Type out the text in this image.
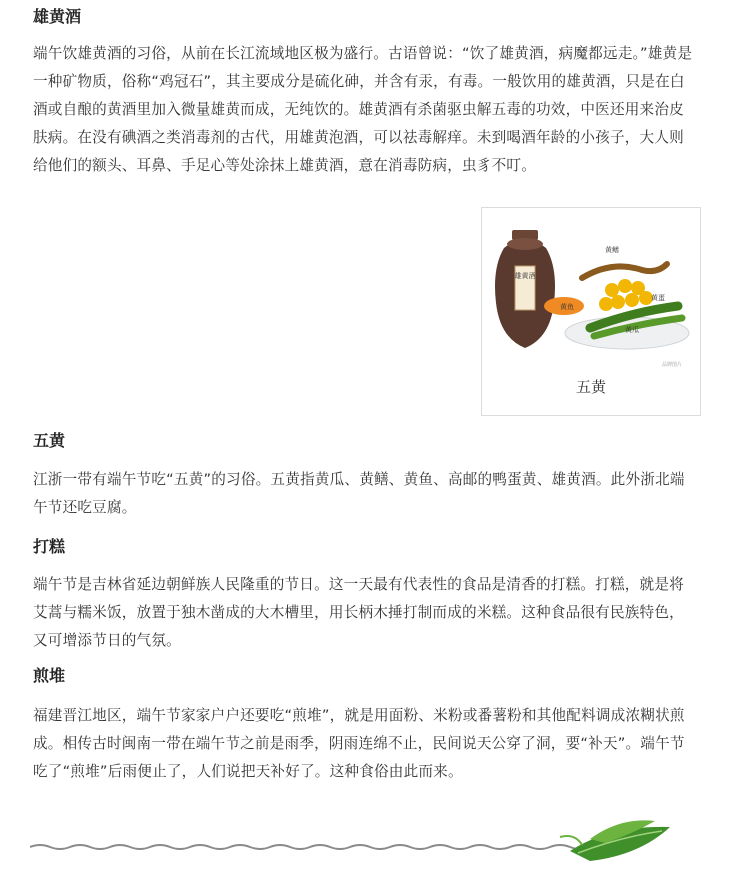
雄黄酒

端午饮雄黄酒的习俗，从前在长江流域地区极为盛行。古语曾说：“饮了雄黄酒，病魔都远走。”雄黄是一种矿物质，俗称“鸡冠石”，其主要成分是硫化砷，并含有汞，有毒。一般饮用的雄黄酒，只是在白酒或自酿的黄酒里加入微量雄黄而成，无纯饮的。雄黄酒有杀菌驱虫解五毒的功效，中医还用来治皮肤病。在没有碘酒之类消毒剂的古代，用雄黄泡酒，可以祛毒解痒。未到喝酒年龄的小孩子，大人则给他们的额头、耳鼻、手足心等处涂抹上雄黄酒，意在消毒防病，虫豸不叮。

雄黄酒
黄鱼
黄鳝
黄蛋
黄瓜
品牌图片
五黄
五黄

江浙一带有端午节吃“五黄”的习俗。五黄指黄瓜、黄鳝、黄鱼、高邮的鸭蛋黄、雄黄酒。此外浙北端午节还吃豆腐。

打糕

端午节是吉林省延边朝鲜族人民隆重的节日。这一天最有代表性的食品是清香的打糕。打糕，就是将艾蒿与糯米饭，放置于独木凿成的大木槽里，用长柄木捶打制而成的米糕。这种食品很有民族特色，又可增添节日的气氛。

煎堆

福建晋江地区，端午节家家户户还要吃“煎堆”，就是用面粉、米粉或番薯粉和其他配料调成浓糊状煎成。相传古时闽南一带在端午节之前是雨季，阴雨连绵不止，民间说天公穿了洞，要“补天”。端午节吃了“煎堆”后雨便止了，人们说把天补好了。这种食俗由此而来。
